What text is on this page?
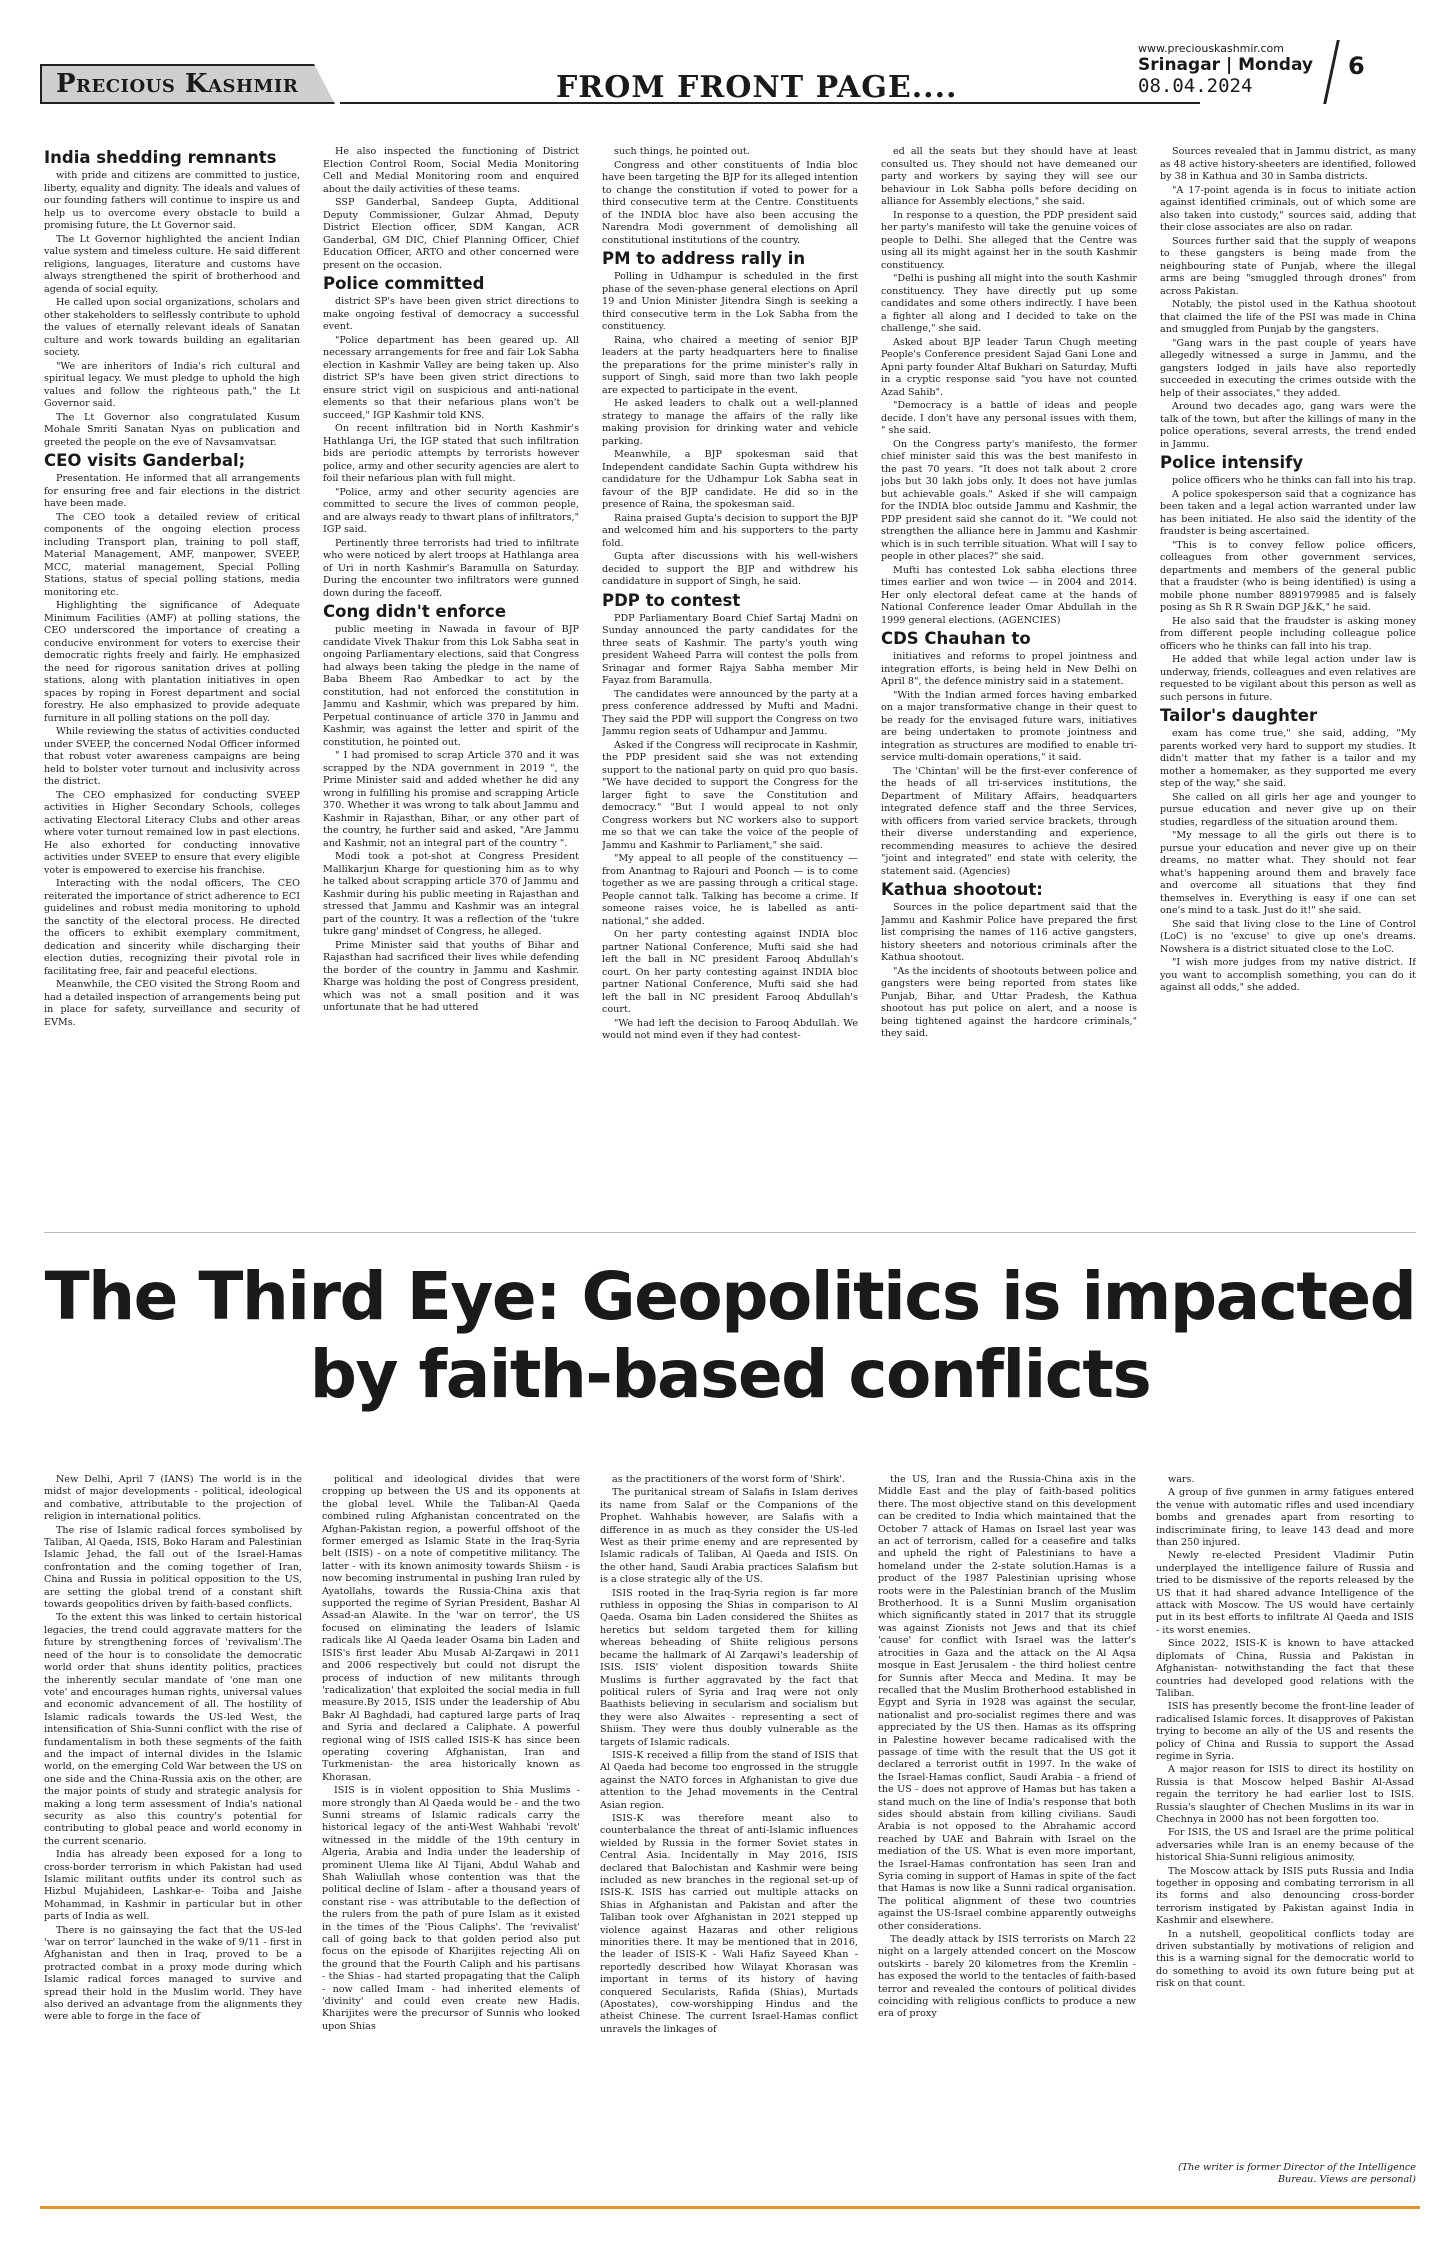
Precious Kashmir	FROM FRONT PAGE....
www.preciouskashmir.com
Srinagar | Monday
08.04.2024
6
India shedding remnants

with pride and citizens are committed to justice, liberty, equality and dignity. The ideals and values of our founding fathers will continue to inspire us and help us to overcome every obstacle to build a promising future, the Lt Governor said.

The Lt Governor highlighted the ancient Indian value system and timeless culture. He said different religions, languages, literature and customs have always strengthened the spirit of brotherhood and agenda of social equity.

He called upon social organizations, scholars and other stakeholders to selflessly contribute to uphold the values of eternally relevant ideals of Sanatan culture and work towards building an egalitarian society.

"We are inheritors of India's rich cultural and spiritual legacy. We must pledge to uphold the high values and follow the righteous path," the Lt Governor said.

The Lt Governor also congratulated Kusum Mohale Smriti Sanatan Nyas on publication and greeted the people on the eve of Navsamvatsar.

CEO visits Ganderbal;

Presentation. He informed that all arrangements for ensuring free and fair elections in the district have been made.

The CEO took a detailed review of critical components of the ongoing election process including Transport plan, training to poll staff, Material Management, AMF, manpower, SVEEP, MCC, material management, Special Polling Stations, status of special polling stations, media monitoring etc.

Highlighting the significance of Adequate Minimum Facilities (AMF) at polling stations, the CEO underscored the importance of creating a conducive environment for voters to exercise their democratic rights freely and fairly. He emphasized the need for rigorous sanitation drives at polling stations, along with plantation initiatives in open spaces by roping in Forest department and social forestry. He also emphasized to provide adequate furniture in all polling stations on the poll day.

While reviewing the status of activities conducted under SVEEP, the concerned Nodal Officer informed that robust voter awareness campaigns are being held to bolster voter turnout and inclusivity across the district.

The CEO emphasized for conducting SVEEP activities in Higher Secondary Schools, colleges activating Electoral Literacy Clubs and other areas where voter turnout remained low in past elections. He also exhorted for conducting innovative activities under SVEEP to ensure that every eligible voter is empowered to exercise his franchise.

Interacting with the nodal officers, The CEO reiterated the importance of strict adherence to ECI guidelines and robust media monitoring to uphold the sanctity of the electoral process. He directed the officers to exhibit exemplary commitment, dedication and sincerity while discharging their election duties, recognizing their pivotal role in facilitating free, fair and peaceful elections.

Meanwhile, the CEO visited the Strong Room and had a detailed inspection of arrangements being put in place for safety, surveillance and security of EVMs.

He also inspected the functioning of District Election Control Room, Social Media Monitoring Cell and Medial Monitoring room and enquired about the daily activities of these teams.

SSP Ganderbal, Sandeep Gupta, Additional Deputy Commissioner, Gulzar Ahmad, Deputy District Election officer, SDM Kangan, ACR Ganderbal, GM DIC, Chief Planning Officer, Chief Education Officer, ARTO and other concerned were present on the occasion.

Police committed

district SP's have been given strict directions to make ongoing festival of democracy a successful event.

"Police department has been geared up. All necessary arrangements for free and fair Lok Sabha election in Kashmir Valley are being taken up. Also district SP's have been given strict directions to ensure strict vigil on suspicious and anti-national elements so that their nefarious plans won't be succeed," IGP Kashmir told KNS.

On recent infiltration bid in North Kashmir's Hathlanga Uri, the IGP stated that such infiltration bids are periodic attempts by terrorists however police, army and other security agencies are alert to foil their nefarious plan with full might.

"Police, army and other security agencies are committed to secure the lives of common people, and are always ready to thwart plans of infiltrators," IGP said.

Pertinently three terrorists had tried to infiltrate who were noticed by alert troops at Hathlanga area of Uri in north Kashmir's Baramulla on Saturday. During the encounter two infiltrators were gunned down during the faceoff.

Cong didn't enforce

public meeting in Nawada in favour of BJP candidate Vivek Thakur from this Lok Sabha seat in ongoing Parliamentary elections, said that Congress had always been taking the pledge in the name of Baba Bheem Rao Ambedkar to act by the constitution, had not enforced the constitution in Jammu and Kashmir, which was prepared by him. Perpetual continuance of article 370 in Jammu and Kashmir, was against the letter and spirit of the constitution, he pointed out.

" I had promised to scrap Article 370 and it was scrapped by the NDA government in 2019 ", the Prime Minister said and added whether he did any wrong in fulfilling his promise and scrapping Article 370. Whether it was wrong to talk about Jammu and Kashmir in Rajasthan, Bihar, or any other part of the country, he further said and asked, "Are Jammu and Kashmir, not an integral part of the country ".

Modi took a pot-shot at Congress President Mallikarjun Kharge for questioning him as to why he talked about scrapping article 370 of Jammu and Kashmir during his public meeting in Rajasthan and stressed that Jammu and Kashmir was an integral part of the country. It was a reflection of the 'tukre tukre gang' mindset of Congress, he alleged.

Prime Minister said that youths of Bihar and Rajasthan had sacrificed their lives while defending the border of the country in Jammu and Kashmir. Kharge was holding the post of Congress president, which was not a small position and it was unfortunate that he had uttered

such things, he pointed out.

Congress and other constituents of India bloc have been targeting the BJP for its alleged intention to change the constitution if voted to power for a third consecutive term at the Centre. Constituents of the INDIA bloc have also been accusing the Narendra Modi government of demolishing all constitutional institutions of the country.

PM to address rally in

Polling in Udhampur is scheduled in the first phase of the seven-phase general elections on April 19 and Union Minister Jitendra Singh is seeking a third consecutive term in the Lok Sabha from the constituency.

Raina, who chaired a meeting of senior BJP leaders at the party headquarters here to finalise the preparations for the prime minister's rally in support of Singh, said more than two lakh people are expected to participate in the event.

He asked leaders to chalk out a well-planned strategy to manage the affairs of the rally like making provision for drinking water and vehicle parking.

Meanwhile, a BJP spokesman said that Independent candidate Sachin Gupta withdrew his candidature for the Udhampur Lok Sabha seat in favour of the BJP candidate. He did so in the presence of Raina, the spokesman said.

Raina praised Gupta's decision to support the BJP and welcomed him and his supporters to the party fold.

Gupta after discussions with his well-wishers decided to support the BJP and withdrew his candidature in support of Singh, he said.

PDP to contest

PDP Parliamentary Board Chief Sartaj Madni on Sunday announced the party candidates for the three seats of Kashmir. The party's youth wing president Waheed Parra will contest the polls from Srinagar and former Rajya Sabha member Mir Fayaz from Baramulla.

The candidates were announced by the party at a press conference addressed by Mufti and Madni. They said the PDP will support the Congress on two Jammu region seats of Udhampur and Jammu.

Asked if the Congress will reciprocate in Kashmir, the PDP president said she was not extending support to the national party on quid pro quo basis. "We have decided to support the Congress for the larger fight to save the Constitution and democracy." "But I would appeal to not only Congress workers but NC workers also to support me so that we can take the voice of the people of Jammu and Kashmir to Parliament," she said.

"My appeal to all people of the constituency — from Anantnag to Rajouri and Poonch — is to come together as we are passing through a critical stage. People cannot talk. Talking has become a crime. If someone raises voice, he is labelled as anti-national," she added.

On her party contesting against INDIA bloc partner National Conference, Mufti said she had left the ball in NC president Farooq Abdullah's court. On her party contesting against INDIA bloc partner National Conference, Mufti said she had left the ball in NC president Farooq Abdullah's court.

"We had left the decision to Farooq Abdullah. We would not mind even if they had contest-

ed all the seats but they should have at least consulted us. They should not have demeaned our party and workers by saying they will see our behaviour in Lok Sabha polls before deciding on alliance for Assembly elections," she said.

In response to a question, the PDP president said her party's manifesto will take the genuine voices of people to Delhi. She alleged that the Centre was using all its might against her in the south Kashmir constituency.

"Delhi is pushing all might into the south Kashmir constituency. They have directly put up some candidates and some others indirectly. I have been a fighter all along and I decided to take on the challenge," she said.

Asked about BJP leader Tarun Chugh meeting People's Conference president Sajad Gani Lone and Apni party founder Altaf Bukhari on Saturday, Mufti in a cryptic response said "you have not counted Azad Sahib".

"Democracy is a battle of ideas and people decide. I don't have any personal issues with them, " she said.

On the Congress party's manifesto, the former chief minister said this was the best manifesto in the past 70 years. "It does not talk about 2 crore jobs but 30 lakh jobs only. It does not have jumlas but achievable goals." Asked if she will campaign for the INDIA bloc outside Jammu and Kashmir, the PDP president said she cannot do it. "We could not strengthen the alliance here in Jammu and Kashmir which is in such terrible situation. What will I say to people in other places?" she said.

Mufti has contested Lok sabha elections three times earlier and won twice — in 2004 and 2014. Her only electoral defeat came at the hands of National Conference leader Omar Abdullah in the 1999 general elections. (AGENCIES)

CDS Chauhan to

initiatives and reforms to propel jointness and integration efforts, is being held in New Delhi on April 8", the defence ministry said in a statement.

"With the Indian armed forces having embarked on a major transformative change in their quest to be ready for the envisaged future wars, initiatives are being undertaken to promote jointness and integration as structures are modified to enable tri-service multi-domain operations," it said.

The 'Chintan' will be the first-ever conference of the heads of all tri-services institutions, the Department of Military Affairs, headquarters integrated defence staff and the three Services, with officers from varied service brackets, through their diverse understanding and experience, recommending measures to achieve the desired "joint and integrated" end state with celerity, the statement said. (Agencies)

Kathua shootout:

Sources in the police department said that the Jammu and Kashmir Police have prepared the first list comprising the names of 116 active gangsters, history sheeters and notorious criminals after the Kathua shootout.

"As the incidents of shootouts between police and gangsters were being reported from states like Punjab, Bihar, and Uttar Pradesh, the Kathua shootout has put police on alert, and a noose is being tightened against the hardcore criminals," they said.

Sources revealed that in Jammu district, as many as 48 active history-sheeters are identified, followed by 38 in Kathua and 30 in Samba districts.

"A 17-point agenda is in focus to initiate action against identified criminals, out of which some are also taken into custody," sources said, adding that their close associates are also on radar.

Sources further said that the supply of weapons to these gangsters is being made from the neighbouring state of Punjab, where the illegal arms are being "smuggled through drones" from across Pakistan.

Notably, the pistol used in the Kathua shootout that claimed the life of the PSI was made in China and smuggled from Punjab by the gangsters.

"Gang wars in the past couple of years have allegedly witnessed a surge in Jammu, and the gangsters lodged in jails have also reportedly succeeded in executing the crimes outside with the help of their associates," they added.

Around two decades ago, gang wars were the talk of the town, but after the killings of many in the police operations, several arrests, the trend ended in Jammu.

Police intensify

police officers who he thinks can fall into his trap.

A police spokesperson said that a cognizance has been taken and a legal action warranted under law has been initiated. He also said the identity of the fraudster is being ascertained.

"This is to convey fellow police officers, colleagues from other government services, departments and members of the general public that a fraudster (who is being identified) is using a mobile phone number 8891979985 and is falsely posing as Sh R R Swain DGP J&K," he said.

He also said that the fraudster is asking money from different people including colleague police officers who he thinks can fall into his trap.

He added that while legal action under law is underway, friends, colleagues and even relatives are requested to be vigilant about this person as well as such persons in future.

Tailor's daughter

exam has come true," she said, adding, "My parents worked very hard to support my studies. It didn't matter that my father is a tailor and my mother a homemaker, as they supported me every step of the way," she said.

She called on all girls her age and younger to pursue education and never give up on their studies, regardless of the situation around them.

"My message to all the girls out there is to pursue your education and never give up on their dreams, no matter what. They should not fear what's happening around them and bravely face and overcome all situations that they find themselves in. Everything is easy if one can set one's mind to a task. Just do it!" she said.

She said that living close to the Line of Control (LoC) is no 'excuse' to give up one's dreams. Nowshera is a district situated close to the LoC.

"I wish more judges from my native district. If you want to accomplish something, you can do it against all odds," she added.

The Third Eye: Geopolitics is impacted by faith-based conflicts

New Delhi, April 7 (IANS) The world is in the midst of major developments - political, ideological and combative, attributable to the projection of religion in international politics.

The rise of Islamic radical forces symbolised by Taliban, Al Qaeda, ISIS, Boko Haram and Palestinian Islamic Jehad, the fall out of the Israel-Hamas confrontation and the coming together of Iran, China and Russia in political opposition to the US, are setting the global trend of a constant shift towards geopolitics driven by faith-based conflicts.

To the extent this was linked to certain historical legacies, the trend could aggravate matters for the future by strengthening forces of 'revivalism'.The need of the hour is to consolidate the democratic world order that shuns identity politics, practices the inherently secular mandate of 'one man one vote' and encourages human rights, universal values and economic advancement of all. The hostility of Islamic radicals towards the US-led West, the intensification of Shia-Sunni conflict with the rise of fundamentalism in both these segments of the faith and the impact of internal divides in the Islamic world, on the emerging Cold War between the US on one side and the China-Russia axis on the other, are the major points of study and strategic analysis for making a long term assessment of India's national security as also this country's potential for contributing to global peace and world economy in the current scenario.

India has already been exposed for a long to cross-border terrorism in which Pakistan had used Islamic militant outfits under its control such as Hizbul Mujahideen, Lashkar-e- Toiba and Jaishe Mohammad, in Kashmir in particular but in other parts of India as well.

There is no gainsaying the fact that the US-led 'war on terror' launched in the wake of 9/11 - first in Afghanistan and then in Iraq, proved to be a protracted combat in a proxy mode during which Islamic radical forces managed to survive and spread their hold in the Muslim world. They have also derived an advantage from the alignments they were able to forge in the face of

political and ideological divides that were cropping up between the US and its opponents at the global level. While the Taliban-Al Qaeda combined ruling Afghanistan concentrated on the Afghan-Pakistan region, a powerful offshoot of the former emerged as Islamic State in the Iraq-Syria belt (ISIS) - on a note of competitive militancy. The latter - with its known animosity towards Shiism - is now becoming instrumental in pushing Iran ruled by Ayatollahs, towards the Russia-China axis that supported the regime of Syrian President, Bashar Al Assad-an Alawite. In the 'war on terror', the US focused on eliminating the leaders of Islamic radicals like Al Qaeda leader Osama bin Laden and ISIS's first leader Abu Musab Al-Zarqawi in 2011 and 2006 respectively but could not disrupt the process of induction of new militants through 'radicalization' that exploited the social media in full measure.By 2015, ISIS under the leadership of Abu Bakr Al Baghdadi, had captured large parts of Iraq and Syria and declared a Caliphate. A powerful regional wing of ISIS called ISIS-K has since been operating covering Afghanistan, Iran and Turkmenistan- the area historically known as Khorasan.

ISIS is in violent opposition to Shia Muslims - more strongly than Al Qaeda would be - and the two Sunni streams of Islamic radicals carry the historical legacy of the anti-West Wahhabi 'revolt' witnessed in the middle of the 19th century in Algeria, Arabia and India under the leadership of prominent Ulema like Al Tijani, Abdul Wahab and Shah Waliullah whose contention was that the political decline of Islam - after a thousand years of constant rise - was attributable to the deflection of the rulers from the path of pure Islam as it existed in the times of the 'Pious Caliphs'. The 'revivalist' call of going back to that golden period also put focus on the episode of Kharijites rejecting Ali on the ground that the Fourth Caliph and his partisans - the Shias - had started propagating that the Caliph - now called Imam - had inherited elements of 'divinity' and could even create new Hadis. Kharijites were the precursor of Sunnis who looked upon Shias

as the practitioners of the worst form of 'Shirk'.

The puritanical stream of Salafis in Islam derives its name from Salaf or the Companions of the Prophet. Wahhabis however, are Salafis with a difference in as much as they consider the US-led West as their prime enemy and are represented by Islamic radicals of Taliban, Al Qaeda and ISIS. On the other hand, Saudi Arabia practices Salafism but is a close strategic ally of the US.

ISIS rooted in the Iraq-Syria region is far more ruthless in opposing the Shias in comparison to Al Qaeda. Osama bin Laden considered the Shiites as heretics but seldom targeted them for killing whereas beheading of Shiite religious persons became the hallmark of Al Zarqawi's leadership of ISIS. ISIS' violent disposition towards Shiite Muslims is further aggravated by the fact that political rulers of Syria and Iraq were not only Baathists believing in secularism and socialism but they were also Alwaites - representing a sect of Shiism. They were thus doubly vulnerable as the targets of Islamic radicals.

ISIS-K received a fillip from the stand of ISIS that Al Qaeda had become too engrossed in the struggle against the NATO forces in Afghanistan to give due attention to the Jehad movements in the Central Asian region.

ISIS-K was therefore meant also to counterbalance the threat of anti-Islamic influences wielded by Russia in the former Soviet states in Central Asia. Incidentally in May 2016, ISIS declared that Balochistan and Kashmir were being included as new branches in the regional set-up of ISIS-K. ISIS has carried out multiple attacks on Shias in Afghanistan and Pakistan and after the Taliban took over Afghanistan in 2021 stepped up violence against Hazaras and other religious minorities there. It may be mentioned that in 2016, the leader of ISIS-K - Wali Hafiz Sayeed Khan - reportedly described how Wilayat Khorasan was important in terms of its history of having conquered Secularists, Rafida (Shias), Murtads (Apostates), cow-worshipping Hindus and the atheist Chinese. The current Israel-Hamas conflict unravels the linkages of

the US, Iran and the Russia-China axis in the Middle East and the play of faith-based politics there. The most objective stand on this development can be credited to India which maintained that the October 7 attack of Hamas on Israel last year was an act of terrorism, called for a ceasefire and talks and upheld the right of Palestinians to have a homeland under the 2-state solution.Hamas is a product of the 1987 Palestinian uprising whose roots were in the Palestinian branch of the Muslim Brotherhood. It is a Sunni Muslim organisation which significantly stated in 2017 that its struggle was against Zionists not Jews and that its chief 'cause' for conflict with Israel was the latter's atrocities in Gaza and the attack on the Al Aqsa mosque in East Jerusalem - the third holiest centre for Sunnis after Mecca and Medina. It may be recalled that the Muslim Brotherhood established in Egypt and Syria in 1928 was against the secular, nationalist and pro-socialist regimes there and was appreciated by the US then. Hamas as its offspring in Palestine however became radicalised with the passage of time with the result that the US got it declared a terrorist outfit in 1997. In the wake of the Israel-Hamas conflict, Saudi Arabia - a friend of the US - does not approve of Hamas but has taken a stand much on the line of India's response that both sides should abstain from killing civilians. Saudi Arabia is not opposed to the Abrahamic accord reached by UAE and Bahrain with Israel on the mediation of the US. What is even more important, the Israel-Hamas confrontation has seen Iran and Syria coming in support of Hamas in spite of the fact that Hamas is now like a Sunni radical organisation. The political alignment of these two countries against the US-Israel combine apparently outweighs other considerations.

The deadly attack by ISIS terrorists on March 22 night on a largely attended concert on the Moscow outskirts - barely 20 kilometres from the Kremlin - has exposed the world to the tentacles of faith-based terror and revealed the contours of political divides coinciding with religious conflicts to produce a new era of proxy

wars.

A group of five gunmen in army fatigues entered the venue with automatic rifles and used incendiary bombs and grenades apart from resorting to indiscriminate firing, to leave 143 dead and more than 250 injured.

Newly re-elected President Vladimir Putin underplayed the intelligence failure of Russia and tried to be dismissive of the reports released by the US that it had shared advance Intelligence of the attack with Moscow. The US would have certainly put in its best efforts to infiltrate Al Qaeda and ISIS - its worst enemies.

Since 2022, ISIS-K is known to have attacked diplomats of China, Russia and Pakistan in Afghanistan- notwithstanding the fact that these countries had developed good relations with the Taliban.

ISIS has presently become the front-line leader of radicalised Islamic forces. It disapproves of Pakistan trying to become an ally of the US and resents the policy of China and Russia to support the Assad regime in Syria.

A major reason for ISIS to direct its hostility on Russia is that Moscow helped Bashir Al-Assad regain the territory he had earlier lost to ISIS. Russia's slaughter of Chechen Muslims in its war in Chechnya in 2000 has not been forgotten too.

For ISIS, the US and Israel are the prime political adversaries while Iran is an enemy because of the historical Shia-Sunni religious animosity.

The Moscow attack by ISIS puts Russia and India together in opposing and combating terrorism in all its forms and also denouncing cross-border terrorism instigated by Pakistan against India in Kashmir and elsewhere.

In a nutshell, geopolitical conflicts today are driven substantially by motivations of religion and this is a warning signal for the democratic world to do something to avoid its own future being put at risk on that count.

(The writer is former Director of the Intelligence Bureau. Views are personal)
